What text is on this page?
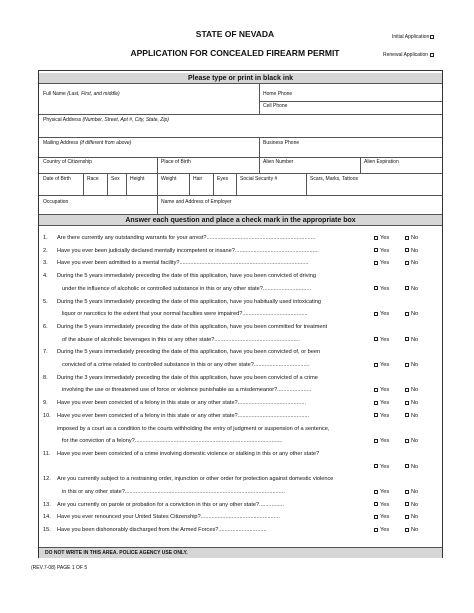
STATE OF NEVADA
APPLICATION FOR CONCEALED FIREARM PERMIT
Initial Application
Renewal Application
Please type or print in black ink
Full Name (Last, First, and middle)	Home Phone
Cell Phone
Physical Address (Number, Street, Apt #, City, State, Zip)
Mailing Address (if different from above)	Business Phone
Country of Citizenship	Place of Birth	Alien Number	Alien Expiration
Date of Birth	Race Sex Height	Weight	Hair	Eyes Social Security #	Scars, Marks, Tattoos
Occupation	Name and Address of Employer
Answer each question and place a check mark in the appropriate box
1. Are there currently any outstanding warrants for your arrest?......................................................................	Yes	No
2. Have you ever been judicially declared mentally incompetent or insane?......................................................	Yes	No
3. Have you ever been admitted to a mental facility?...................................................................................	Yes	No
4. During the 5 years immediately preceding the date of this application, have you been convicted of driving
under the influence of alcoholic or controlled substance in this or any other state?...............................	Yes	No
5. During the 5 years immediately preceding the date of this application, have you habitually used intoxicating
liquor or narcotics to the extent that your normal faculties were impaired?..........................................	Yes	No
6. During the 5 years immediately preceding the date of this application, have you been committed for treatment
of the abuse of alcoholic beverages in this or any other state?.......................................................	Yes	No
7. During the 5 years immediately preceding the date of this application, have you been convicted of, or been
convicted of a crime related to controlled substance in this or any other state?....................................	Yes	No
8. During the 3 years immediately preceding the date of this application, have you been convicted of a crime
involving the use or threatened use of force or violence punishable as a misdemeanor?......................	Yes	No
9. Have you ever been convicted of a felony in this state or any other state?............................................	Yes	No
10. Have you ever been convicted of a felony in this state or any other state?..............................................	Yes	No
imposed by a court as a condition to the courts withholding the entry of judgment or suspension of a sentence,
for the conviction of a felony?...............................................................................................	Yes	No
11. Have you ever been convicted of a crime involving domestic violence or stalking in this or any other state?
Yes	No
12. Are you currently subject to a restraining order, injunction or other order for protection against domestic violence
in this or any other state?.......................................................................................................	Yes	No
13. Are you currently on parole or probation for a conviction in this or any other state?................	Yes	No
14. Have you ever renounced your United States Citizenship?...................................................	Yes	No
15. Have you been dishonorably discharged from the Armed Forces?...............................	Yes	No
DO NOT WRITE IN THIS AREA. POLICE AGENCY USE ONLY.
(REV.7-08) PAGE 1 OF 5
